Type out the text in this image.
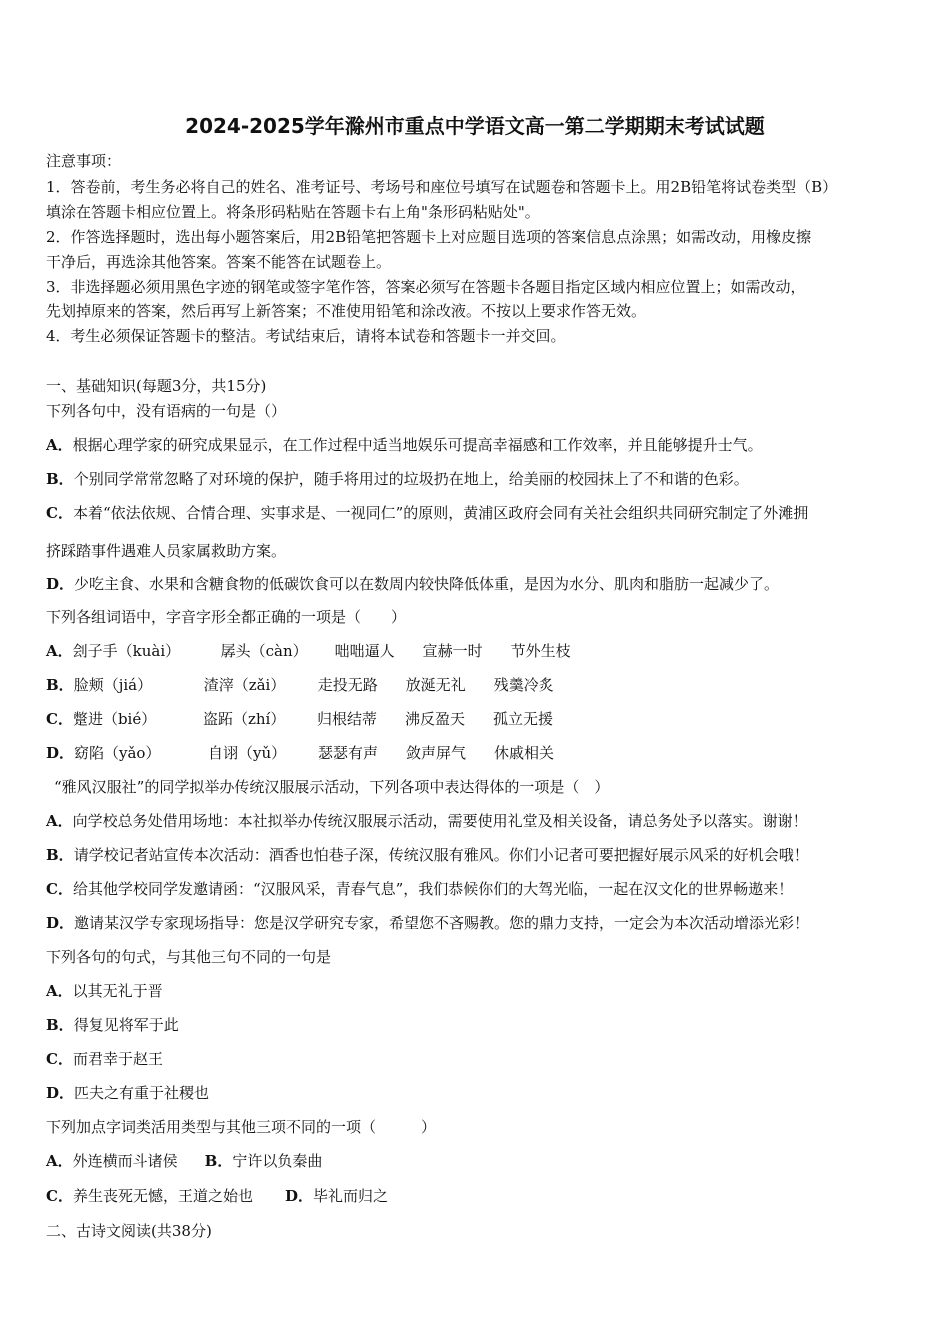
2024-2025学年滁州市重点中学语文高一第二学期期末考试试题
注意事项：
1．答卷前，考生务必将自己的姓名、准考证号、考场号和座位号填写在试题卷和答题卡上。用2B铅笔将试卷类型（B）
填涂在答题卡相应位置上。将条形码粘贴在答题卡右上角"条形码粘贴处"。
2．作答选择题时，选出每小题答案后，用2B铅笔把答题卡上对应题目选项的答案信息点涂黑；如需改动，用橡皮擦
干净后，再选涂其他答案。答案不能答在试题卷上。
3．非选择题必须用黑色字迹的钢笔或签字笔作答，答案必须写在答题卡各题目指定区域内相应位置上；如需改动，
先划掉原来的答案，然后再写上新答案；不准使用铅笔和涂改液。不按以上要求作答无效。
4．考生必须保证答题卡的整洁。考试结束后，请将本试卷和答题卡一并交回。
一、基础知识(每题3分，共15分)
下列各句中，没有语病的一句是（）
A．根据心理学家的研究成果显示，在工作过程中适当地娱乐可提高幸福感和工作效率，并且能够提升士气。
B．个别同学常常忽略了对环境的保护，随手将用过的垃圾扔在地上，给美丽的校园抹上了不和谐的色彩。
C．本着“依法依规、合情合理、实事求是、一视同仁”的原则，黄浦区政府会同有关社会组织共同研究制定了外滩拥
挤踩踏事件遇难人员家属救助方案。
D．少吃主食、水果和含糖食物的低碳饮食可以在数周内较快降低体重，是因为水分、肌肉和脂肪一起减少了。
下列各组词语中，字音字形全都正确的一项是（　　）
A．刽子手（kuài）	孱头（càn） 咄咄逼人 宣赫一时 节外生枝
B．脸颊（jiá）	渣滓（zǎi） 走投无路 放涎无礼 残羹冷炙
C．蹩进（bié）	盗跖（zhí） 归根结蒂 沸反盈天 孤立无援
D．窈陷（yǎo）	自诩（yǔ） 瑟瑟有声 敛声屏气 休戚相关
“雅风汉服社”的同学拟举办传统汉服展示活动，下列各项中表达得体的一项是（　）
A．向学校总务处借用场地：本社拟举办传统汉服展示活动，需要使用礼堂及相关设备，请总务处予以落实。谢谢！
B．请学校记者站宣传本次活动：酒香也怕巷子深，传统汉服有雅风。你们小记者可要把握好展示风采的好机会哦！
C．给其他学校同学发邀请函：“汉服风采，青春气息”，我们恭候你们的大驾光临，一起在汉文化的世界畅遨来！
D．邀请某汉学专家现场指导：您是汉学研究专家，希望您不吝赐教。您的鼎力支持，一定会为本次活动增添光彩！
下列各句的句式，与其他三句不同的一句是
A．以其无礼于晋
B．得复见将军于此
C．而君幸于赵王
D．匹夫之有重于社稷也
下列加点字词类活用类型与其他三项不同的一项（　　　）
A．外连横而斗诸侯 B．宁许以负秦曲
C．养生丧死无憾，王道之始也 D．毕礼而归之
二、古诗文阅读(共38分)
